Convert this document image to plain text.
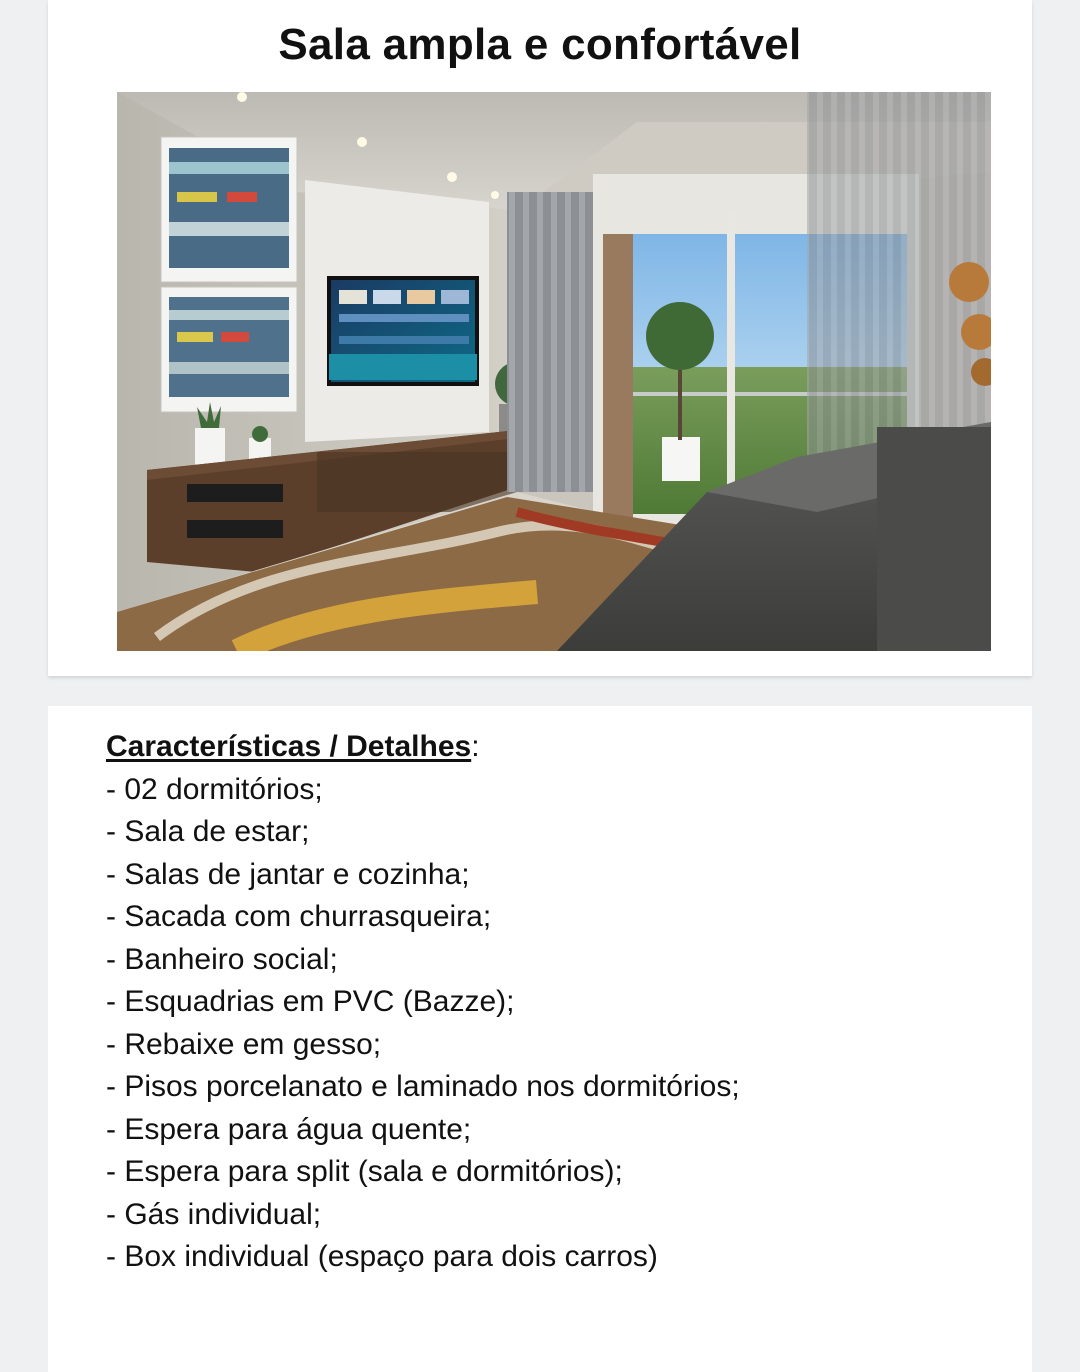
Sala ampla e confortável
Características / Detalhes:
- 02 dormitórios;
- Sala de estar;
- Salas de jantar e cozinha;
- Sacada com churrasqueira;
- Banheiro social;
- Esquadrias em PVC (Bazze);
- Rebaixe em gesso;
- Pisos porcelanato e laminado nos dormitórios;
- Espera para água quente;
- Espera para split (sala e dormitórios);
- Gás individual;
- Box individual (espaço para dois carros)
